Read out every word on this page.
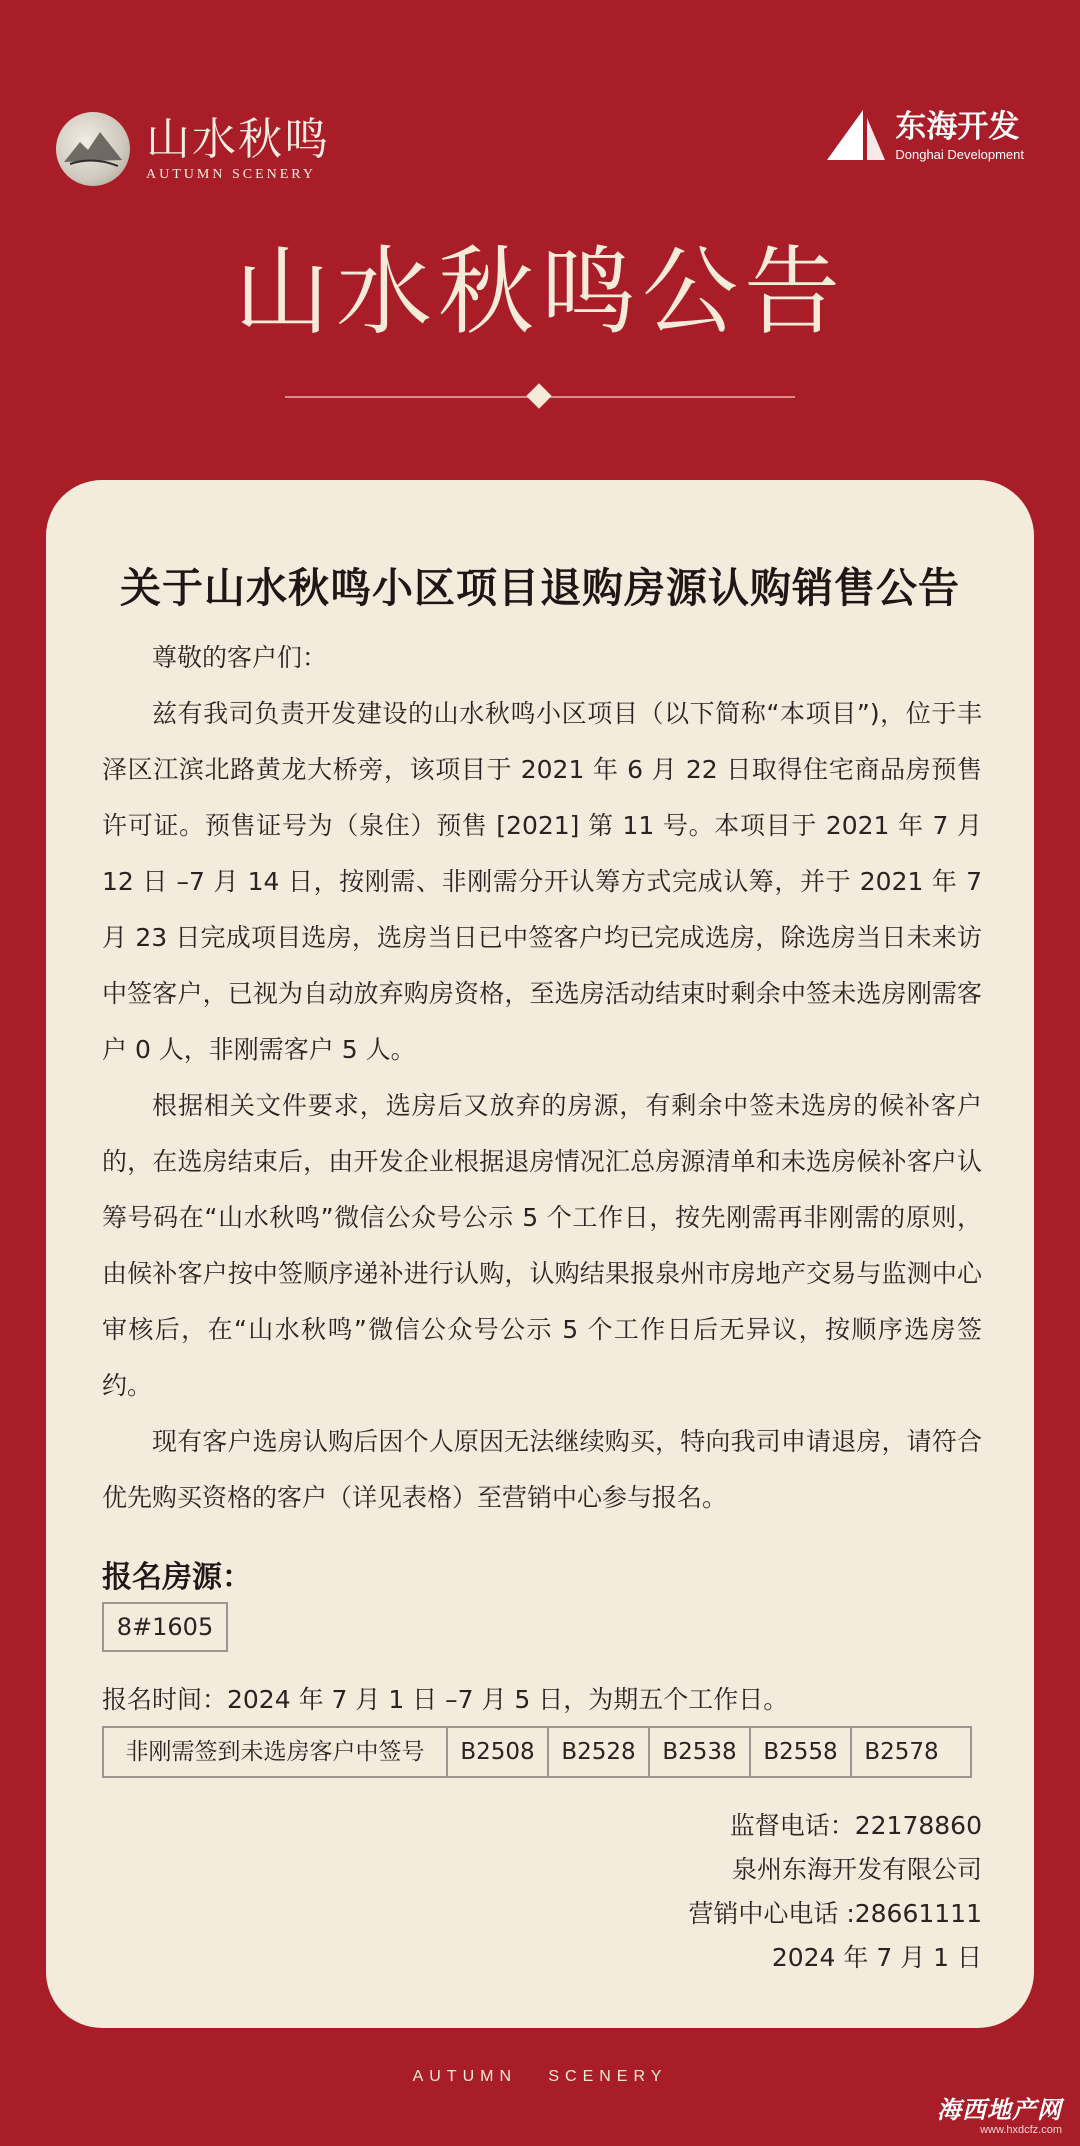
山水秋鸣
AUTUMN SCENERY
东海开发
Donghai Development
山水秋鸣公告
关于山水秋鸣小区项目退购房源认购销售公告

尊敬的客户们：

兹有我司负责开发建设的山水秋鸣小区项目（以下简称“本项目”)，位于丰泽区江滨北路黄龙大桥旁，该项目于 2021 年 6 月 22 日取得住宅商品房预售许可证。预售证号为（泉住）预售 [2021] 第 11 号。本项目于 2021 年 7 月 12 日 –7 月 14 日，按刚需、非刚需分开认筹方式完成认筹，并于 2021 年 7 月 23 日完成项目选房，选房当日已中签客户均已完成选房，除选房当日未来访中签客户，已视为自动放弃购房资格，至选房活动结束时剩余中签未选房刚需客户 0 人，非刚需客户 5 人。

根据相关文件要求，选房后又放弃的房源，有剩余中签未选房的候补客户的，在选房结束后，由开发企业根据退房情况汇总房源清单和未选房候补客户认筹号码在“山水秋鸣”微信公众号公示 5 个工作日，按先刚需再非刚需的原则，由候补客户按中签顺序递补进行认购，认购结果报泉州市房地产交易与监测中心审核后，在“山水秋鸣”微信公众号公示 5 个工作日后无异议，按顺序选房签约。

现有客户选房认购后因个人原因无法继续购买，特向我司申请退房，请符合优先购买资格的客户（详见表格）至营销中心参与报名。

报名房源：
8#1605
报名时间：2024 年 7 月 1 日 –7 月 5 日，为期五个工作日。
非刚需签到未选房客户中签号	B2508	B2528	B2538	B2558	B2578
监督电话：22178860
泉州东海开发有限公司
营销中心电话 :28661111
2024 年 7 月 1 日
AUTUMN   SCENERY
海西地产网
www.hxdcfz.com
